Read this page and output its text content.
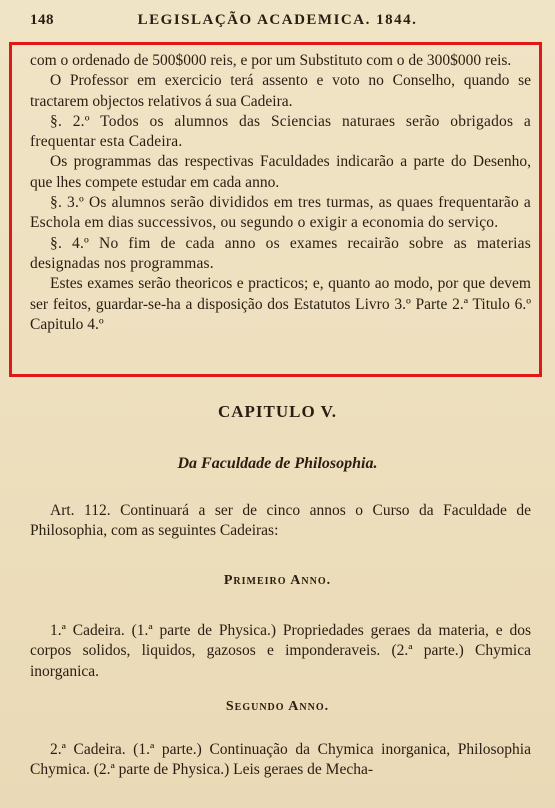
148	LEGISLAÇÃO ACADEMICA. 1844.

com o ordenado de 500$000 reis, e por um Substituto com o de 300$000 reis.

O Professor em exercicio terá assento e voto no Conselho, quando se tractarem objectos relativos á sua Cadeira.

§. 2.º Todos os alumnos das Sciencias naturaes serão obrigados a frequentar esta Cadeira.

Os programmas das respectivas Faculdades indicarão a parte do Desenho, que lhes compete estudar em cada anno.

§. 3.º Os alumnos serão divididos em tres turmas, as quaes frequentarão a Eschola em dias successivos, ou segundo o exigir a economia do serviço.

§. 4.º No fim de cada anno os exames recairão sobre as materias designadas nos programmas.

Estes exames serão theoricos e practicos; e, quanto ao modo, por que devem ser feitos, guardar-se-ha a disposição dos Estatutos Livro 3.º Parte 2.ª Titulo 6.º Capitulo 4.º

CAPITULO V.
Da Faculdade de Philosophia.

Art. 112. Continuará a ser de cinco annos o Curso da Faculdade de Philosophia, com as seguintes Cadeiras:

Primeiro Anno.

1.ª Cadeira. (1.ª parte de Physica.) Propriedades geraes da materia, e dos corpos solidos, liquidos, gazosos e imponderaveis. (2.ª parte.) Chymica inorganica.

Segundo Anno.

2.ª Cadeira. (1.ª parte.) Continuação da Chymica inorganica, Philosophia Chymica. (2.ª parte de Physica.) Leis geraes de Mecha-
